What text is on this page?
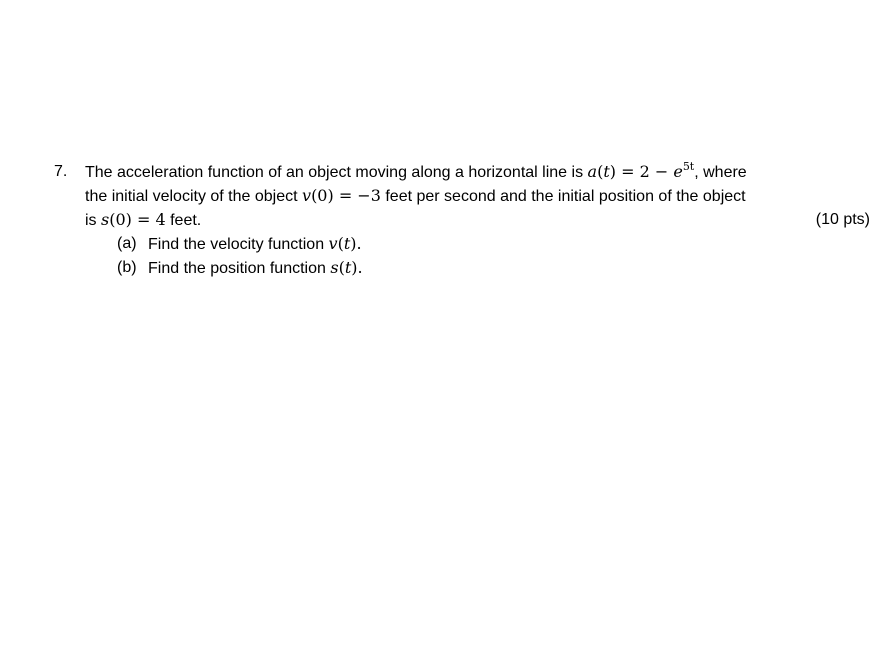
7. The acceleration function of an object moving along a horizontal line is $a(t) = 2 - e^{5t}$, where
the initial velocity of the object v(0) = −3 feet per second and the initial position of the object
is s(0) = 4 feet.	(10 pts)
(a) Find the velocity function v(t).
(b) Find the position function s(t).
